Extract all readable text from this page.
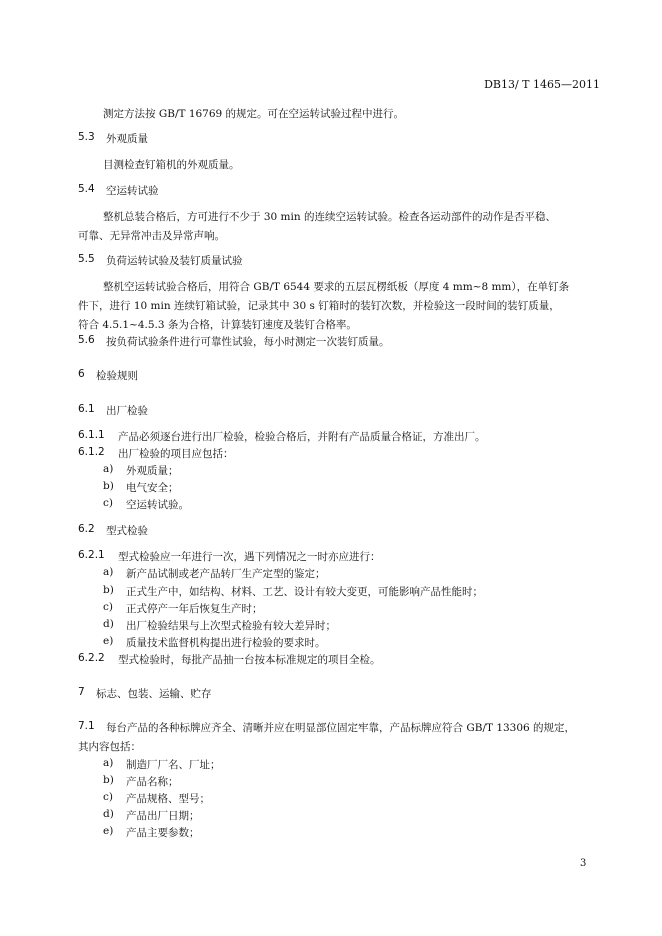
DB13/ T 1465—2011
测定方法按 GB/T 16769 的规定。可在空运转试验过程中进行。
5.3 外观质量
目测检查钉箱机的外观质量。
5.4 空运转试验
整机总装合格后，方可进行不少于 30 min 的连续空运转试验。检查各运动部件的动作是否平稳、
可靠、无异常冲击及异常声响。
5.5 负荷运转试验及装钉质量试验
整机空运转试验合格后，用符合 GB/T 6544 要求的五层瓦楞纸板（厚度 4 mm~8 mm），在单钉条
件下，进行 10 min 连续钉箱试验，记录其中 30 s 钉箱时的装钉次数，并检验这一段时间的装钉质量，
符合 4.5.1~4.5.3 条为合格，计算装钉速度及装钉合格率。
5.6 按负荷试验条件进行可靠性试验，每小时测定一次装钉质量。
6 检验规则
6.1 出厂检验
6.1.1 产品必须逐台进行出厂检验，检验合格后，并附有产品质量合格证，方准出厂。
6.1.2 出厂检验的项目应包括：
a) 外观质量；
b) 电气安全；
c) 空运转试验。
6.2 型式检验
6.2.1 型式检验应一年进行一次，遇下列情况之一时亦应进行：
a) 新产品试制或老产品转厂生产定型的鉴定；
b) 正式生产中，如结构、材料、工艺、设计有较大变更，可能影响产品性能时；
c) 正式停产一年后恢复生产时；
d) 出厂检验结果与上次型式检验有较大差异时；
e) 质量技术监督机构提出进行检验的要求时。
6.2.2 型式检验时，每批产品抽一台按本标准规定的项目全检。
7 标志、包装、运输、贮存
7.1 每台产品的各种标牌应齐全、清晰并应在明显部位固定牢靠，产品标牌应符合 GB/T 13306 的规定，
其内容包括：
a) 制造厂厂名、厂址；
b) 产品名称；
c) 产品规格、型号；
d) 产品出厂日期；
e) 产品主要参数；
3
